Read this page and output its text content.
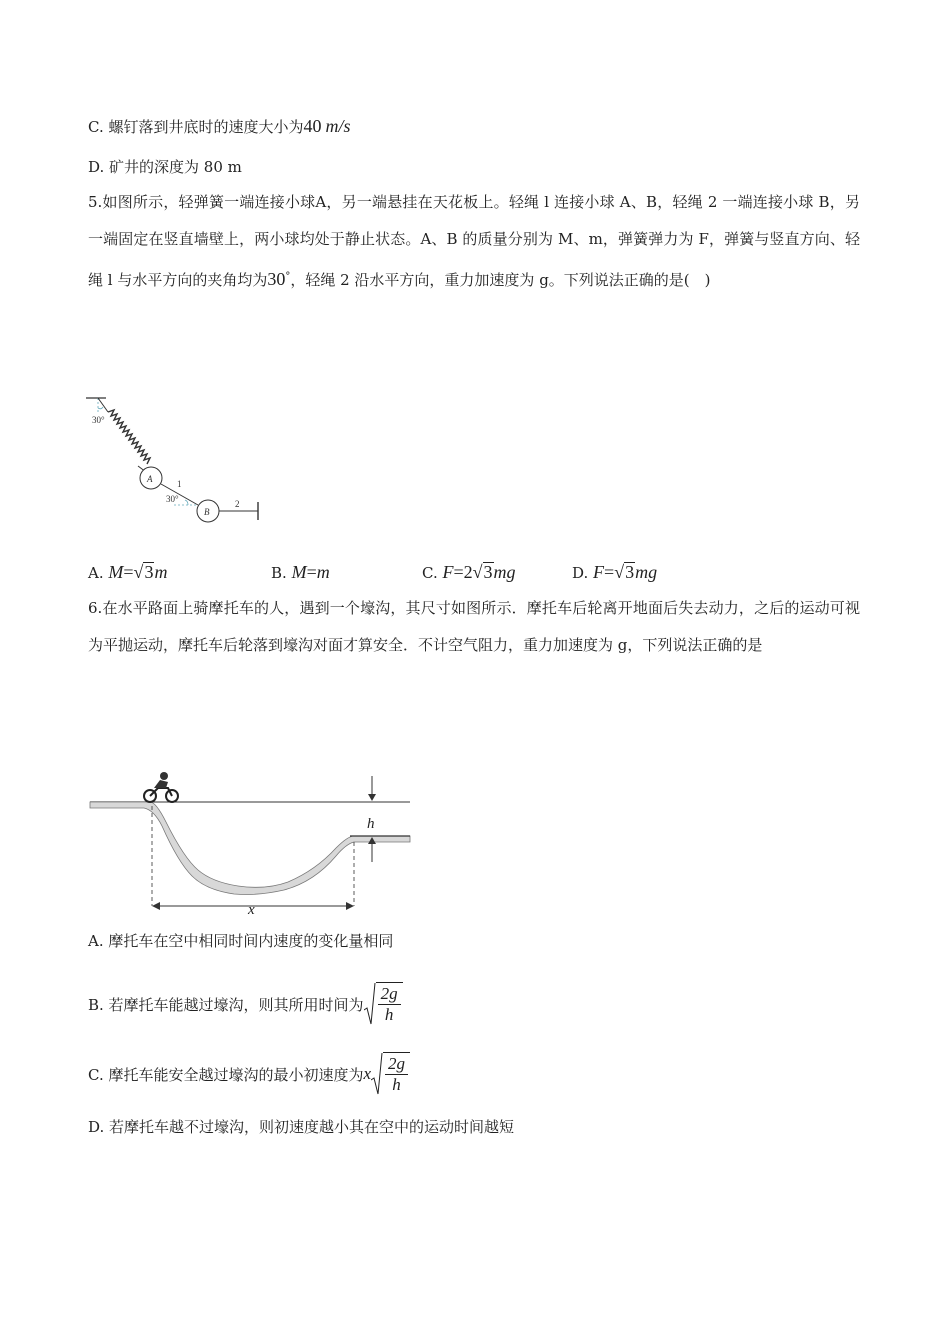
C. 螺钉落到井底时的速度大小为40 m/s
D. 矿井的深度为 80 m
5.如图所示，轻弹簧一端连接小球A，另一端悬挂在天花板上。轻绳 l 连接小球 A、B，轻绳 2 一端连接小球 B，另一端固定在竖直墙壁上，两小球均处于静止状态。A、B 的质量分别为 M、m，弹簧弹力为 F，弹簧与竖直方向、轻绳 l 与水平方向的夹角均为30°，轻绳 2 沿水平方向，重力加速度为 g。下列说法正确的是(　)
30°
A	1
30°
B
2
A. M=√3m	B. M=m	C. F=2√3mg	D. F=√3mg
6.在水平路面上骑摩托车的人，遇到一个壕沟，其尺寸如图所示．摩托车后轮离开地面后失去动力，之后的运动可视为平抛运动，摩托车后轮落到壕沟对面才算安全．不计空气阻力，重力加速度为 g，下列说法正确的是
h
x
A. 摩托车在空中相同时间内速度的变化量相同
B. 若摩托车能越过壕沟，则其所用时间为 $\frac{2g}{h}$
C. 摩托车能安全越过壕沟的最小初速度为 x $\frac{2g}{h}$
D. 若摩托车越不过壕沟，则初速度越小其在空中的运动时间越短
